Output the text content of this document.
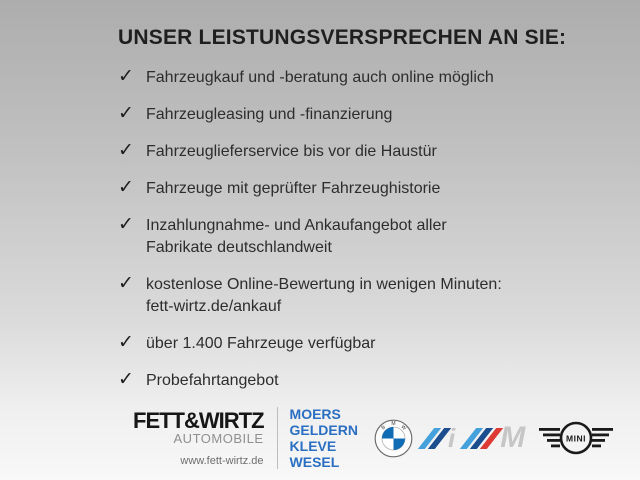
UNSER LEISTUNGSVERSPRECHEN AN SIE:
✓ Fahrzeugkauf und -beratung auch online möglich
✓ Fahrzeugleasing und -finanzierung
✓ Fahrzeuglieferservice bis vor die Haustür
✓ Fahrzeuge mit geprüfter Fahrzeughistorie
✓ Inzahlungnahme- und Ankaufangebot aller
Fabrikate deutschlandweit
✓ kostenlose Online-Bewertung in wenigen Minuten:
fett-wirtz.de/ankauf
✓ über 1.400 Fahrzeuge verfügbar
✓ Probefahrtangebot
FETT&WIRTZ
AUTOMOBILE
www.fett-wirtz.de
MOERS
GELDERN
KLEVE
WESEL
B
M
W i M	MINI
